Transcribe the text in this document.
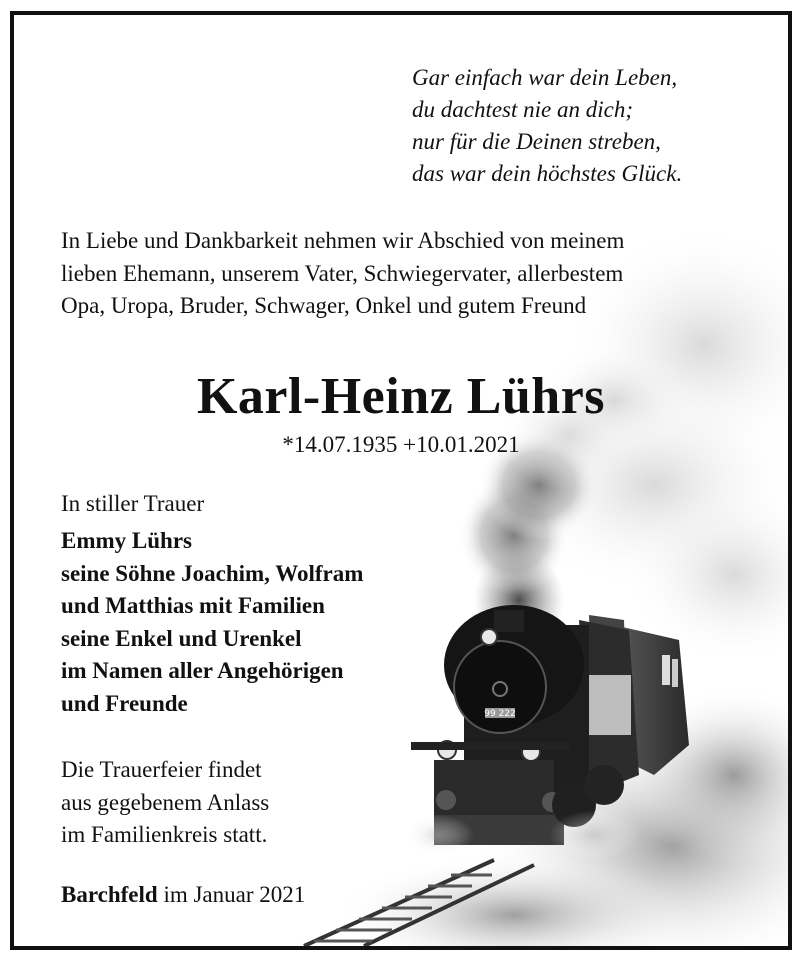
99 222
Gar einfach war dein Leben,
du dachtest nie an dich;
nur für die Deinen streben,
das war dein höchstes Glück.
In Liebe und Dankbarkeit nehmen wir Abschied von meinem
lieben Ehemann, unserem Vater, Schwiegervater, allerbestem
Opa, Uropa, Bruder, Schwager, Onkel und gutem Freund
Karl-Heinz Lührs
*14.07.1935 +10.01.2021
In stiller Trauer
Emmy Lührs
seine Söhne Joachim, Wolfram
und Matthias mit Familien
seine Enkel und Urenkel
im Namen aller Angehörigen
und Freunde
Die Trauerfeier findet
aus gegebenem Anlass
im Familienkreis statt.
Barchfeld im Januar 2021
